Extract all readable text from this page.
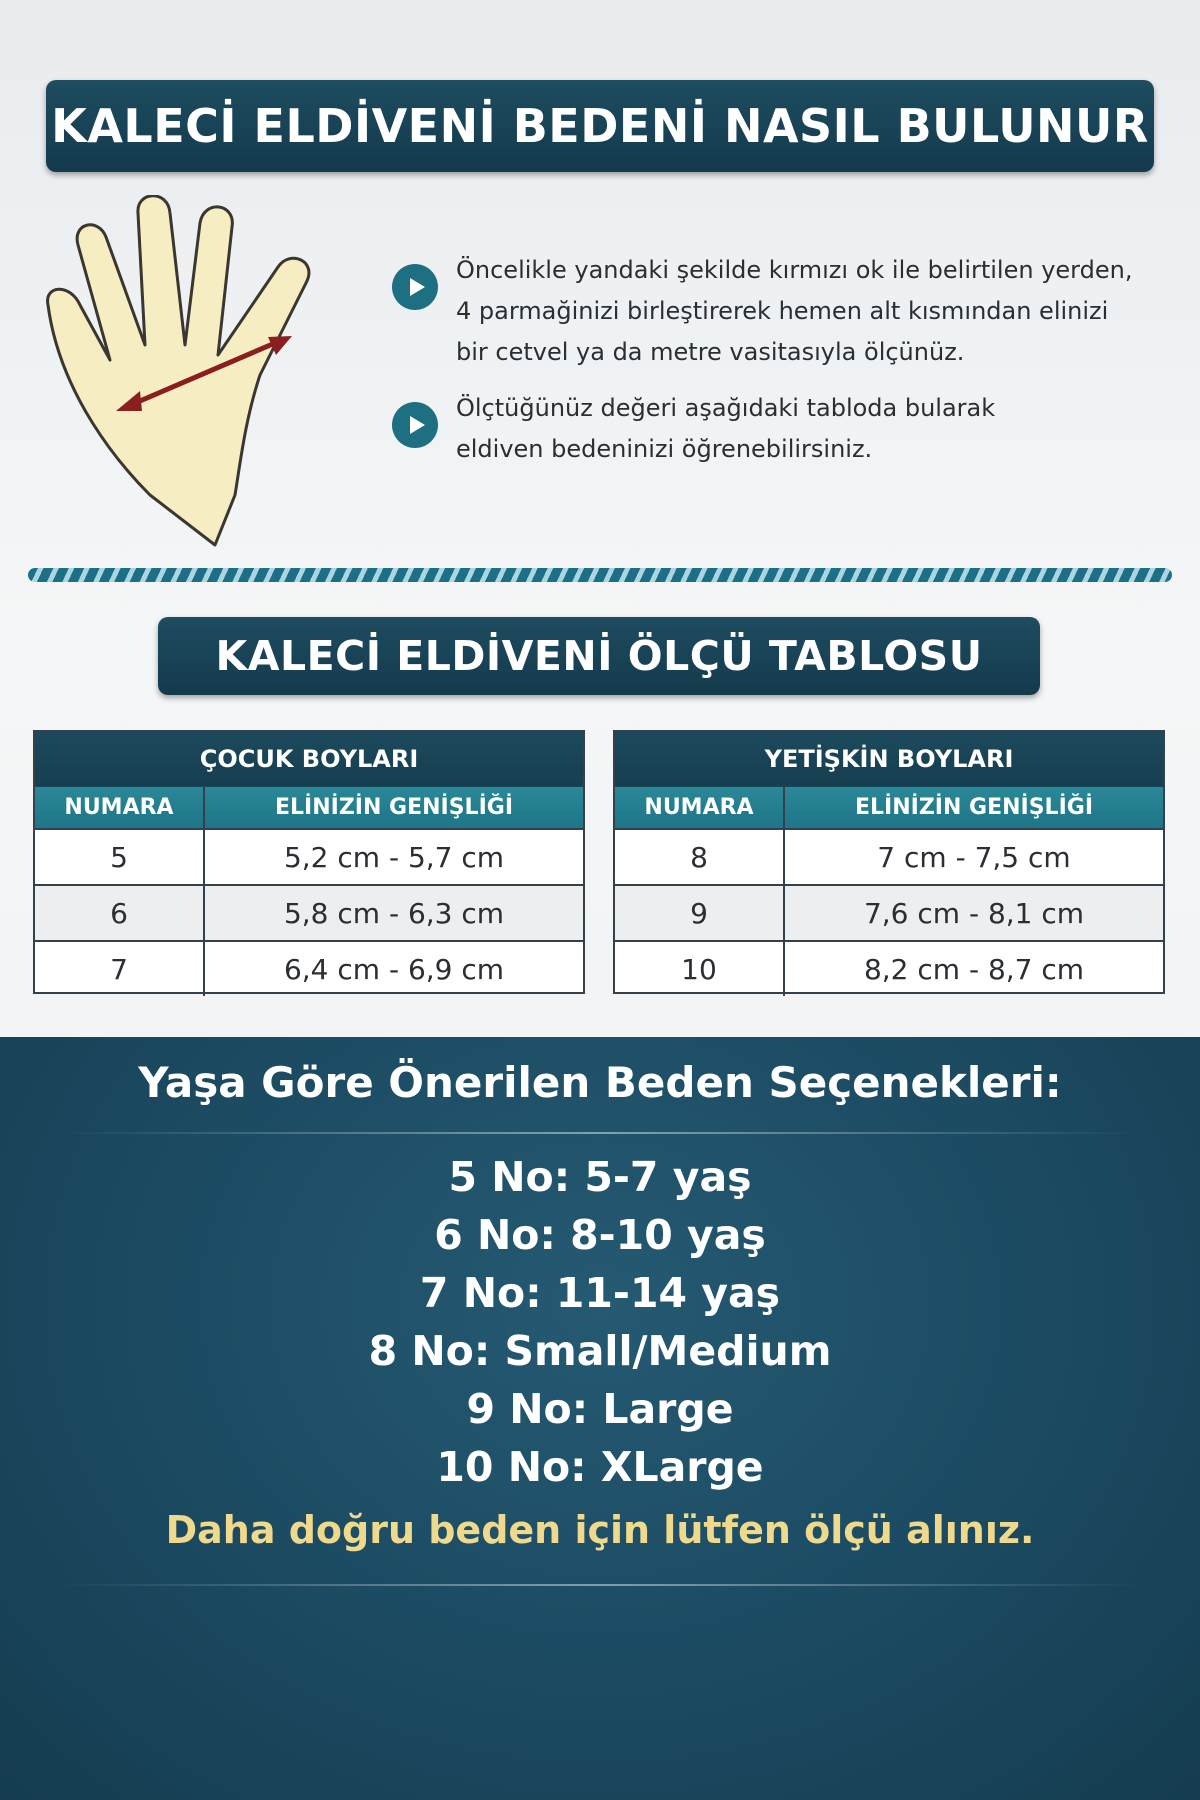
KALECİ ELDİVENİ BEDENİ NASIL BULUNUR
Öncelikle yandaki şekilde kırmızı ok ile belirtilen yerden,
4 parmağinizi birleştirerek hemen alt kısmından elinizi
bir cetvel ya da metre vasitasıyla ölçünüz.
Ölçtüğünüz değeri aşağıdaki tabloda bularak
eldiven bedeninizi öğrenebilirsiniz.
KALECİ ELDİVENİ ÖLÇÜ TABLOSU
ÇOCUK BOYLARI
NUMARA	ELİNİZİN GENİŞLİĞİ
5	5,2 cm - 5,7 cm
6	5,8 cm - 6,3 cm
7	6,4 cm - 6,9 cm
YETİŞKİN BOYLARI
NUMARA	ELİNİZİN GENİŞLİĞİ
8	7 cm - 7,5 cm
9	7,6 cm - 8,1 cm
10	8,2 cm - 8,7 cm
Yaşa Göre Önerilen Beden Seçenekleri:
5 No: 5-7 yaş
6 No: 8-10 yaş
7 No: 11-14 yaş
8 No: Small/Medium
9 No: Large
10 No: XLarge
Daha doğru beden için lütfen ölçü alınız.
